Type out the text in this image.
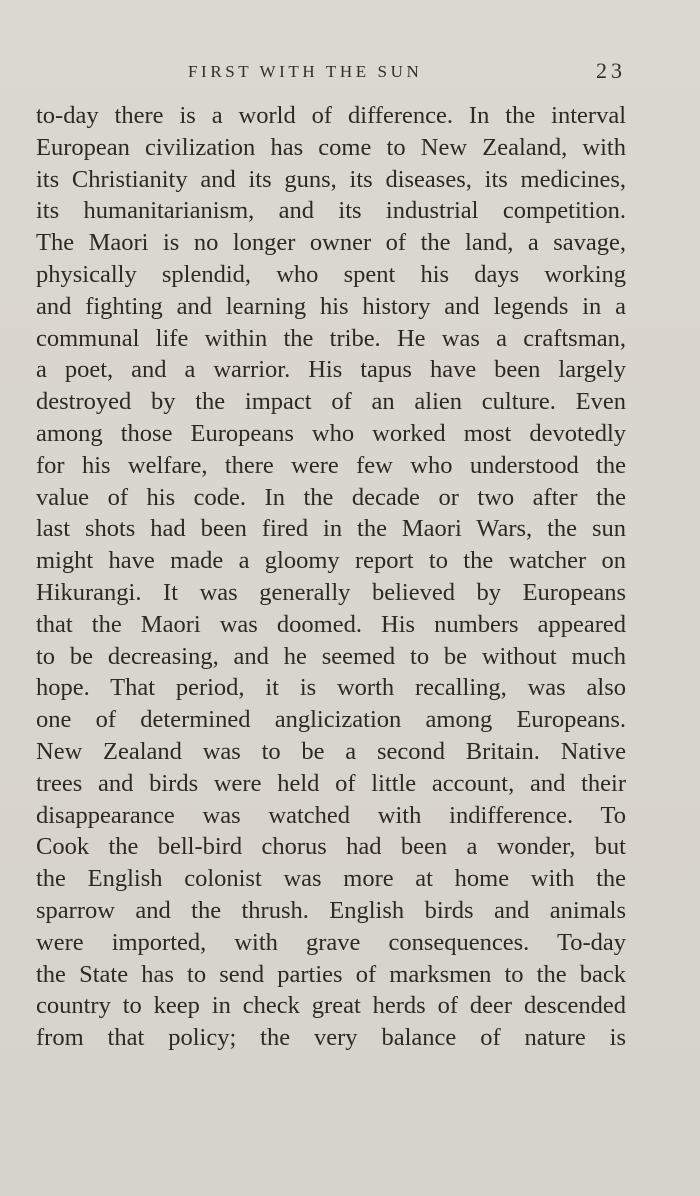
FIRST WITH THE SUN	23
to-day there is a world of difference. In the interval
European civilization has come to New Zealand, with
its Christianity and its guns, its diseases, its medicines,
its humanitarianism, and its industrial competition.
The Maori is no longer owner of the land, a savage,
physically splendid, who spent his days working
and fighting and learning his history and legends in a
communal life within the tribe. He was a craftsman,
a poet, and a warrior. His tapus have been largely
destroyed by the impact of an alien culture. Even
among those Europeans who worked most devotedly
for his welfare, there were few who understood the
value of his code. In the decade or two after the
last shots had been fired in the Maori Wars, the sun
might have made a gloomy report to the watcher on
Hikurangi. It was generally believed by Europeans
that the Maori was doomed. His numbers appeared
to be decreasing, and he seemed to be without much
hope. That period, it is worth recalling, was also
one of determined anglicization among Europeans.
New Zealand was to be a second Britain. Native
trees and birds were held of little account, and their
disappearance was watched with indifference. To
Cook the bell-bird chorus had been a wonder, but
the English colonist was more at home with the
sparrow and the thrush. English birds and animals
were imported, with grave consequences. To-day
the State has to send parties of marksmen to the back
country to keep in check great herds of deer descended
from that policy; the very balance of nature is
